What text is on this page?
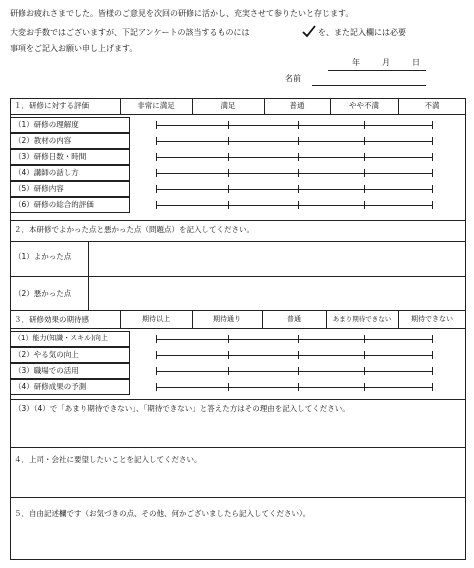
研修お疲れさまでした。皆様のご意見を次回の研修に活かし、充実させて参りたいと存じます。
大変お手数ではございますが、下記アンケートの該当するものには	を、また記入欄には必要
事項をご記入お願い申し上げます。
年	月	日
名前
１．研修に対する評価	非常に満足	満足	普通	やや不満	不満
（1）研修の理解度
（2）教材の内容
（3）研修日数・時間
（4）講師の話し方
（5）研修内容
（6）研修の総合的評価
２．本研修でよかった点と悪かった点（問題点）を記入してください。
（1）よかった点
（2）悪かった点
３．研修効果の期待感	期待以上	期待通り	普通	あまり期待できない	期待できない
（1）能力(知識・スキル)向上
（2）やる気の向上
（3）職場での活用
（4）研修成果の予測
（3）（4）で「あまり期待できない」、「期待できない」と答えた方はその理由を記入してください。
４．上司・会社に要望したいことを記入してください。
５．自由記述欄です（お気づきの点、その他、何かございましたら記入してください）。
